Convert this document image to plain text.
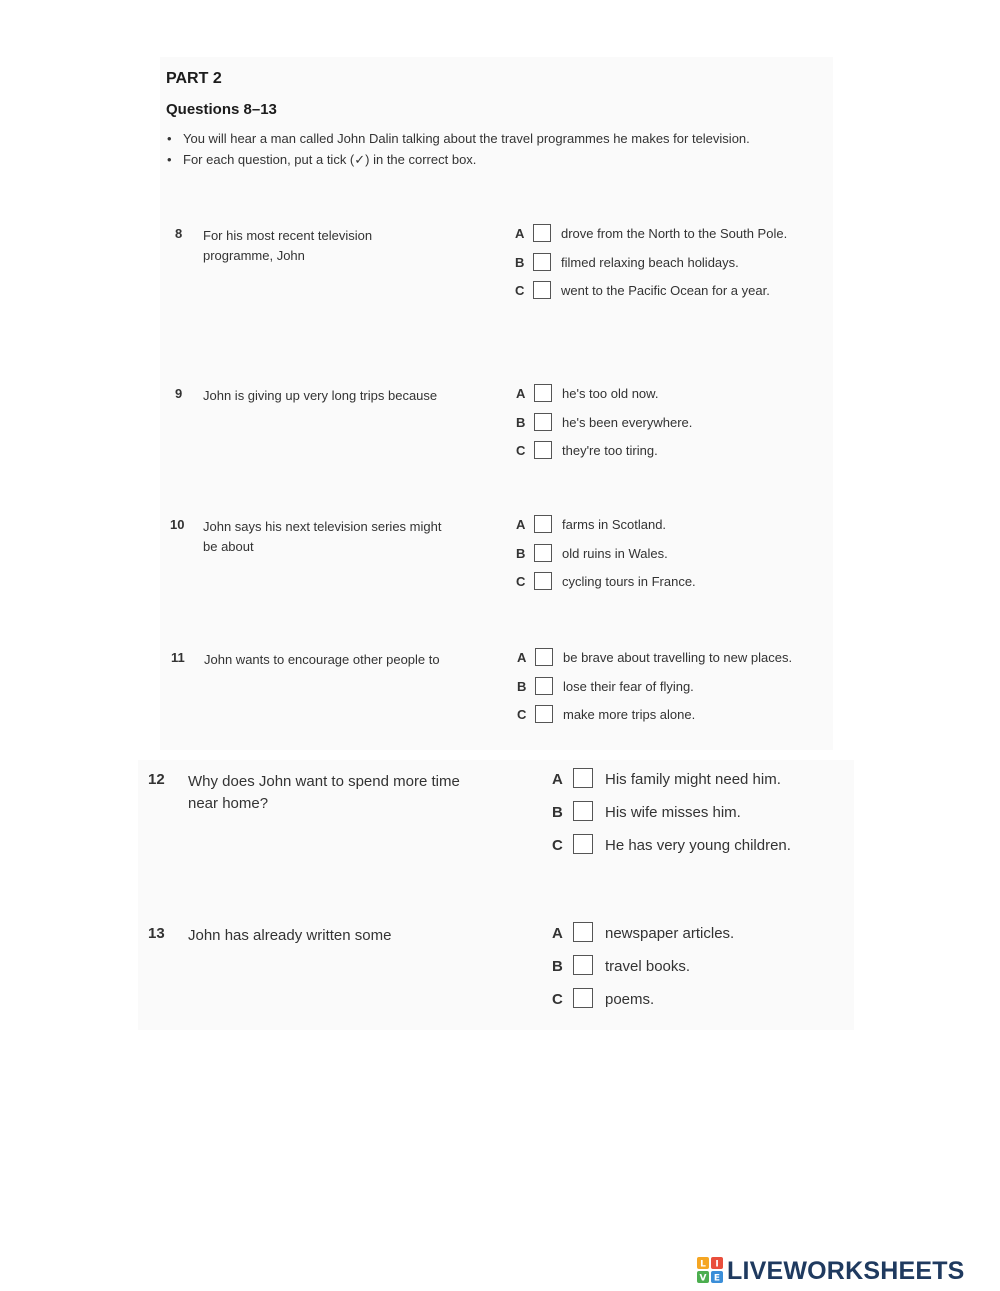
PART 2
Questions 8–13
• You will hear a man called John Dalin talking about the travel programmes he makes for television.
• For each question, put a tick (✓) in the correct box.
8 For his most recent television programme, John
A	drove from the North to the South Pole.
B	filmed relaxing beach holidays.
C	went to the Pacific Ocean for a year.
9 John is giving up very long trips because	A	he's too old now.
B	he's been everywhere.
C	they're too tiring.
10 John says his next television series might be about
A	farms in Scotland.
B	old ruins in Wales.
C	cycling tours in France.
11 John wants to encourage other people to	A	be brave about travelling to new places.
B	lose their fear of flying.
C	make more trips alone.
12 Why does John want to spend more time near home?
A	His family might need him.
B	His wife misses him.
C	He has very young children.
13 John has already written some	A	newspaper articles.
B	travel books.
C	poems.
L I
V E LIVEWORKSHEETS
